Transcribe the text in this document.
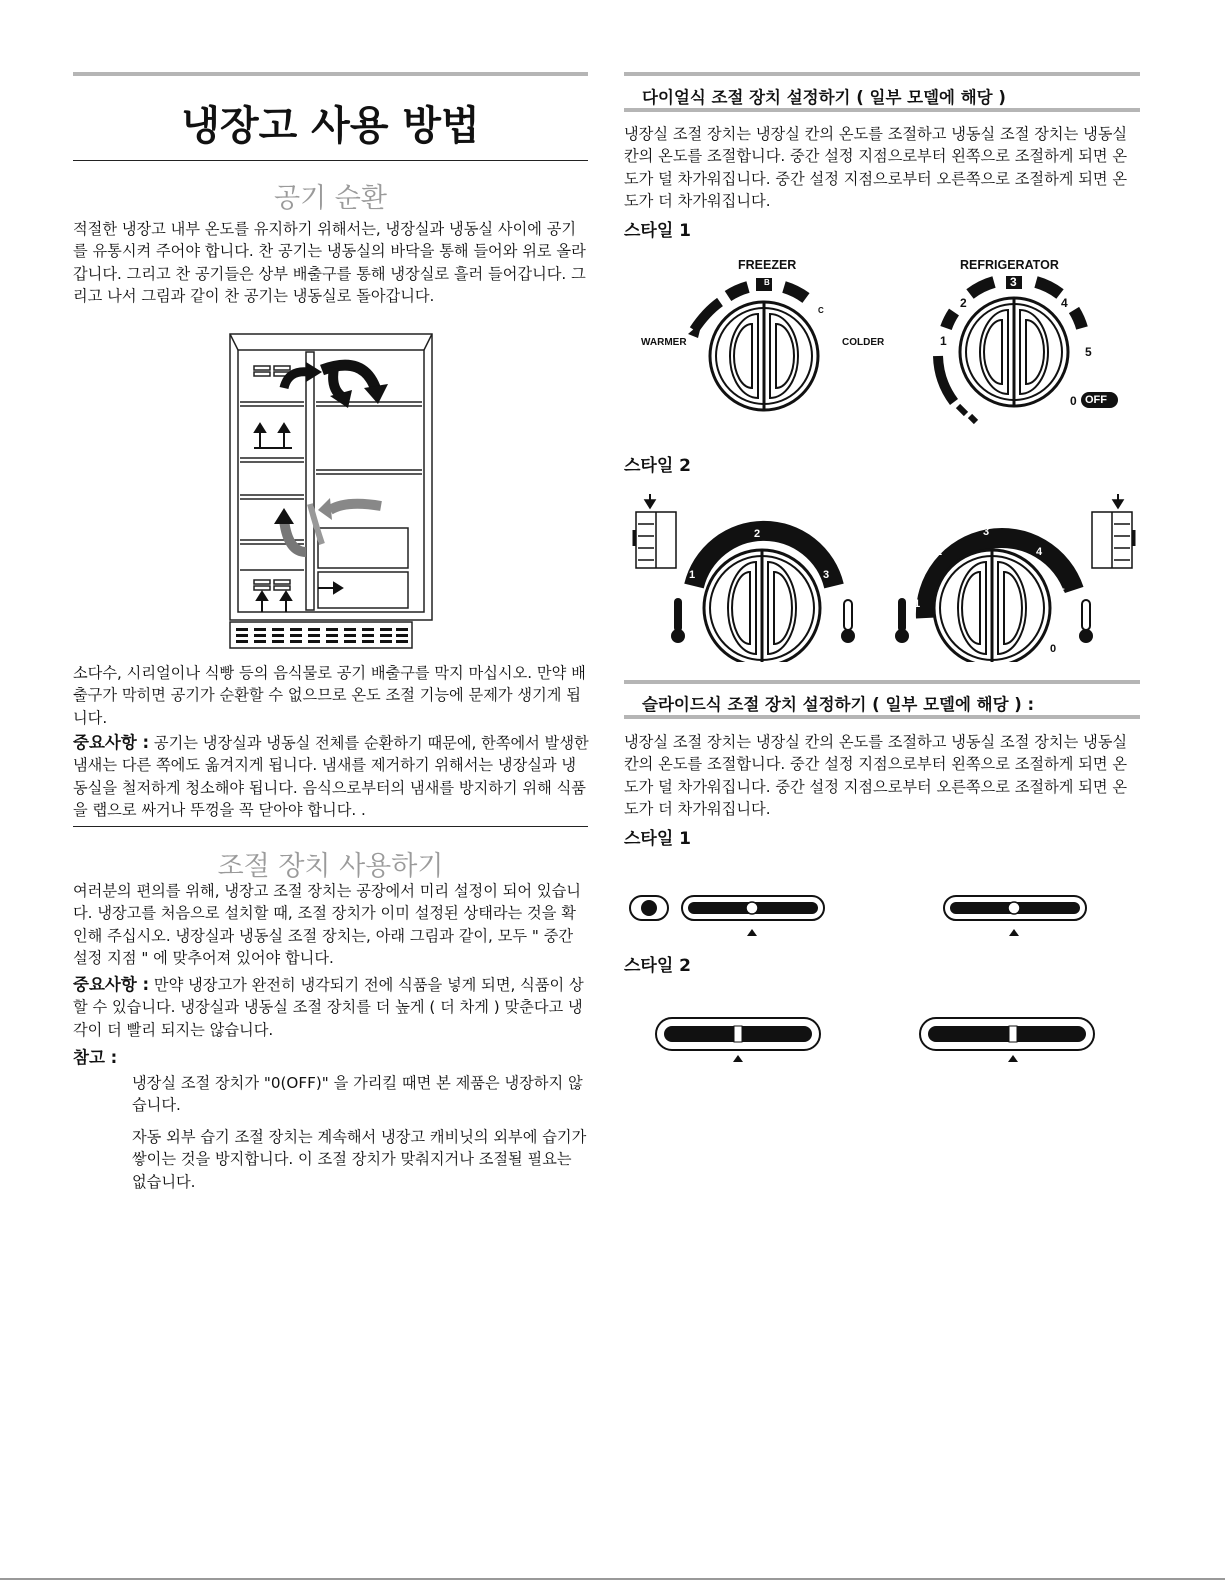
냉장고 사용 방법
공기 순환
적절한 냉장고 내부 온도를 유지하기 위해서는, 냉장실과 냉동실 사이에 공기를 유통시켜 주어야 합니다. 찬 공기는 냉동실의 바닥을 통해 들어와 위로 올라갑니다. 그리고 찬 공기들은 상부 배출구를 통해 냉장실로 흘러 들어갑니다. 그리고 나서 그림과 같이 찬 공기는 냉동실로 돌아갑니다.
소다수, 시리얼이나 식빵 등의 음식물로 공기 배출구를 막지 마십시오. 만약 배출구가 막히면 공기가 순환할 수 없으므로 온도 조절 기능에 문제가 생기게 됩니다.
중요사항 : 공기는 냉장실과 냉동실 전체를 순환하기 때문에, 한쪽에서 발생한 냄새는 다른 쪽에도 옮겨지게 됩니다. 냄새를 제거하기 위해서는 냉장실과 냉동실을 철저하게 청소해야 됩니다. 음식으로부터의 냄새를 방지하기 위해 식품을 랩으로 싸거나 뚜껑을 꼭 닫아야 합니다. .
조절 장치 사용하기
여러분의 편의를 위해, 냉장고 조절 장치는 공장에서 미리 설정이 되어 있습니다. 냉장고를 처음으로 설치할 때, 조절 장치가 이미 설정된 상태라는 것을 확인해 주십시오. 냉장실과 냉동실 조절 장치는, 아래 그림과 같이, 모두 " 중간 설정 지점 " 에 맞추어져 있어야 합니다.
중요사항 : 만약 냉장고가 완전히 냉각되기 전에 식품을 넣게 되면, 식품이 상할 수 있습니다. 냉장실과 냉동실 조절 장치를 더 높게 ( 더 차게 ) 맞춘다고 냉각이 더 빨리 되지는 않습니다.
참고 :
냉장실 조절 장치가 "0(OFF)" 을 가리킬 때면 본 제품은 냉장하지 않습니다.
자동 외부 습기 조절 장치는 계속해서 냉장고 캐비닛의 외부에 습기가 쌓이는 것을 방지합니다. 이 조절 장치가 맞춰지거나 조절될 필요는 없습니다.
다이얼식 조절 장치 설정하기 ( 일부 모델에 해당 )
냉장실 조절 장치는 냉장실 칸의 온도를 조절하고 냉동실 조절 장치는 냉동실 칸의 온도를 조절합니다. 중간 설정 지점으로부터 왼쪽으로 조절하게 되면 온도가 덜 차가워집니다. 중간 설정 지점으로부터 오른쪽으로 조절하게 되면 온도가 더 차가워집니다.
스타일 1
FREEZER	REFRIGERATOR
WARMER	COLDER
A
B
C
1
2
3
4
5
0 OFF
스타일 2
1
2
3
1
2
3
4
5
0
슬라이드식 조절 장치 설정하기 ( 일부 모델에 해당 ) :
냉장실 조절 장치는 냉장실 칸의 온도를 조절하고 냉동실 조절 장치는 냉동실 칸의 온도를 조절합니다. 중간 설정 지점으로부터 왼쪽으로 조절하게 되면 온도가 덜 차가워집니다. 중간 설정 지점으로부터 오른쪽으로 조절하게 되면 온도가 더 차가워집니다.
스타일 1
스타일 2
